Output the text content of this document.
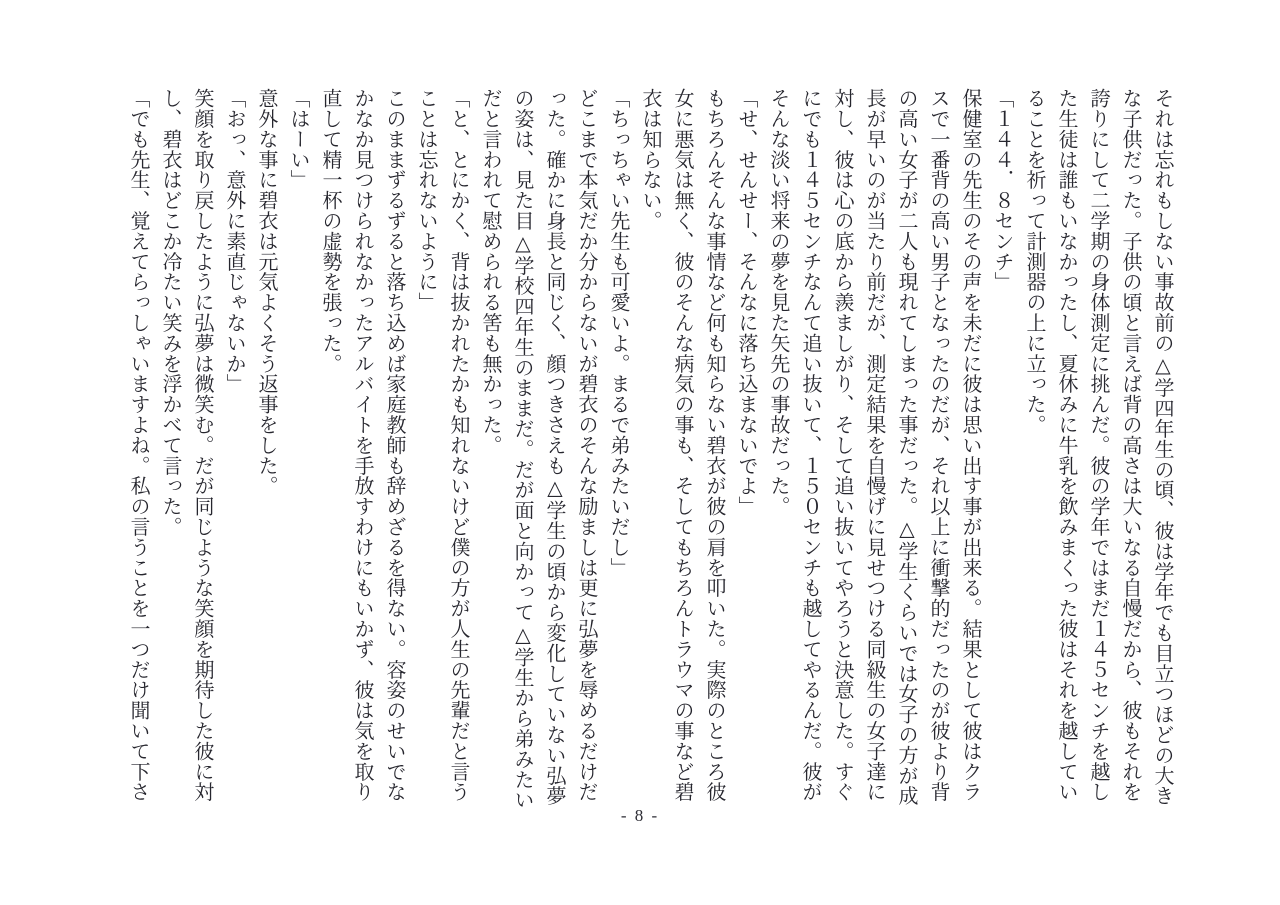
それは忘れもしない事故前の△学四年生の頃、彼は学年でも目立つほどの大き
な子供だった。子供の頃と言えば背の高さは大いなる自慢だから、彼もそれを
誇りにして二学期の身体測定に挑んだ。彼の学年ではまだ１４５センチを越し
た生徒は誰もいなかったし、夏休みに牛乳を飲みまくった彼はそれを越してい
ることを祈って計測器の上に立った。
「１４４．８センチ」
保健室の先生のその声を未だに彼は思い出す事が出来る。結果として彼はクラ
スで一番背の高い男子となったのだが、それ以上に衝撃的だったのが彼より背
の高い女子が二人も現れてしまった事だった。△学生くらいでは女子の方が成
長が早いのが当たり前だが、測定結果を自慢げに見せつける同級生の女子達に
対し、彼は心の底から羨ましがり、そして追い抜いてやろうと決意した。すぐ
にでも１４５センチなんて追い抜いて、１５０センチも越してやるんだ。彼が
そんな淡い将来の夢を見た矢先の事故だった。
「せ、せんせー、そんなに落ち込まないでよ」
もちろんそんな事情など何も知らない碧衣が彼の肩を叩いた。実際のところ彼
女に悪気は無く、彼のそんな病気の事も、そしてもちろんトラウマの事など碧
衣は知らない。
「ちっちゃい先生も可愛いよ。まるで弟みたいだし」
どこまで本気だか分からないが碧衣のそんな励ましは更に弘夢を辱めるだけだ
った。確かに身長と同じく、顔つきさえも△学生の頃から変化していない弘夢
の姿は、見た目△学校四年生のままだ。だが面と向かって△学生から弟みたい
だと言われて慰められる筈も無かった。
「と、とにかく、背は抜かれたかも知れないけど僕の方が人生の先輩だと言う
ことは忘れないように」
このままずるずると落ち込めば家庭教師も辞めざるを得ない。容姿のせいでな
かなか見つけられなかったアルバイトを手放すわけにもいかず、彼は気を取り
直して精一杯の虚勢を張った。
「はーい」
意外な事に碧衣は元気よくそう返事をした。
「おっ、意外に素直じゃないか」
笑顔を取り戻したように弘夢は微笑む。だが同じような笑顔を期待した彼に対
し、碧衣はどこか冷たい笑みを浮かべて言った。
「でも先生、覚えてらっしゃいますよね。私の言うことを一つだけ聞いて下さ
- 8 -
